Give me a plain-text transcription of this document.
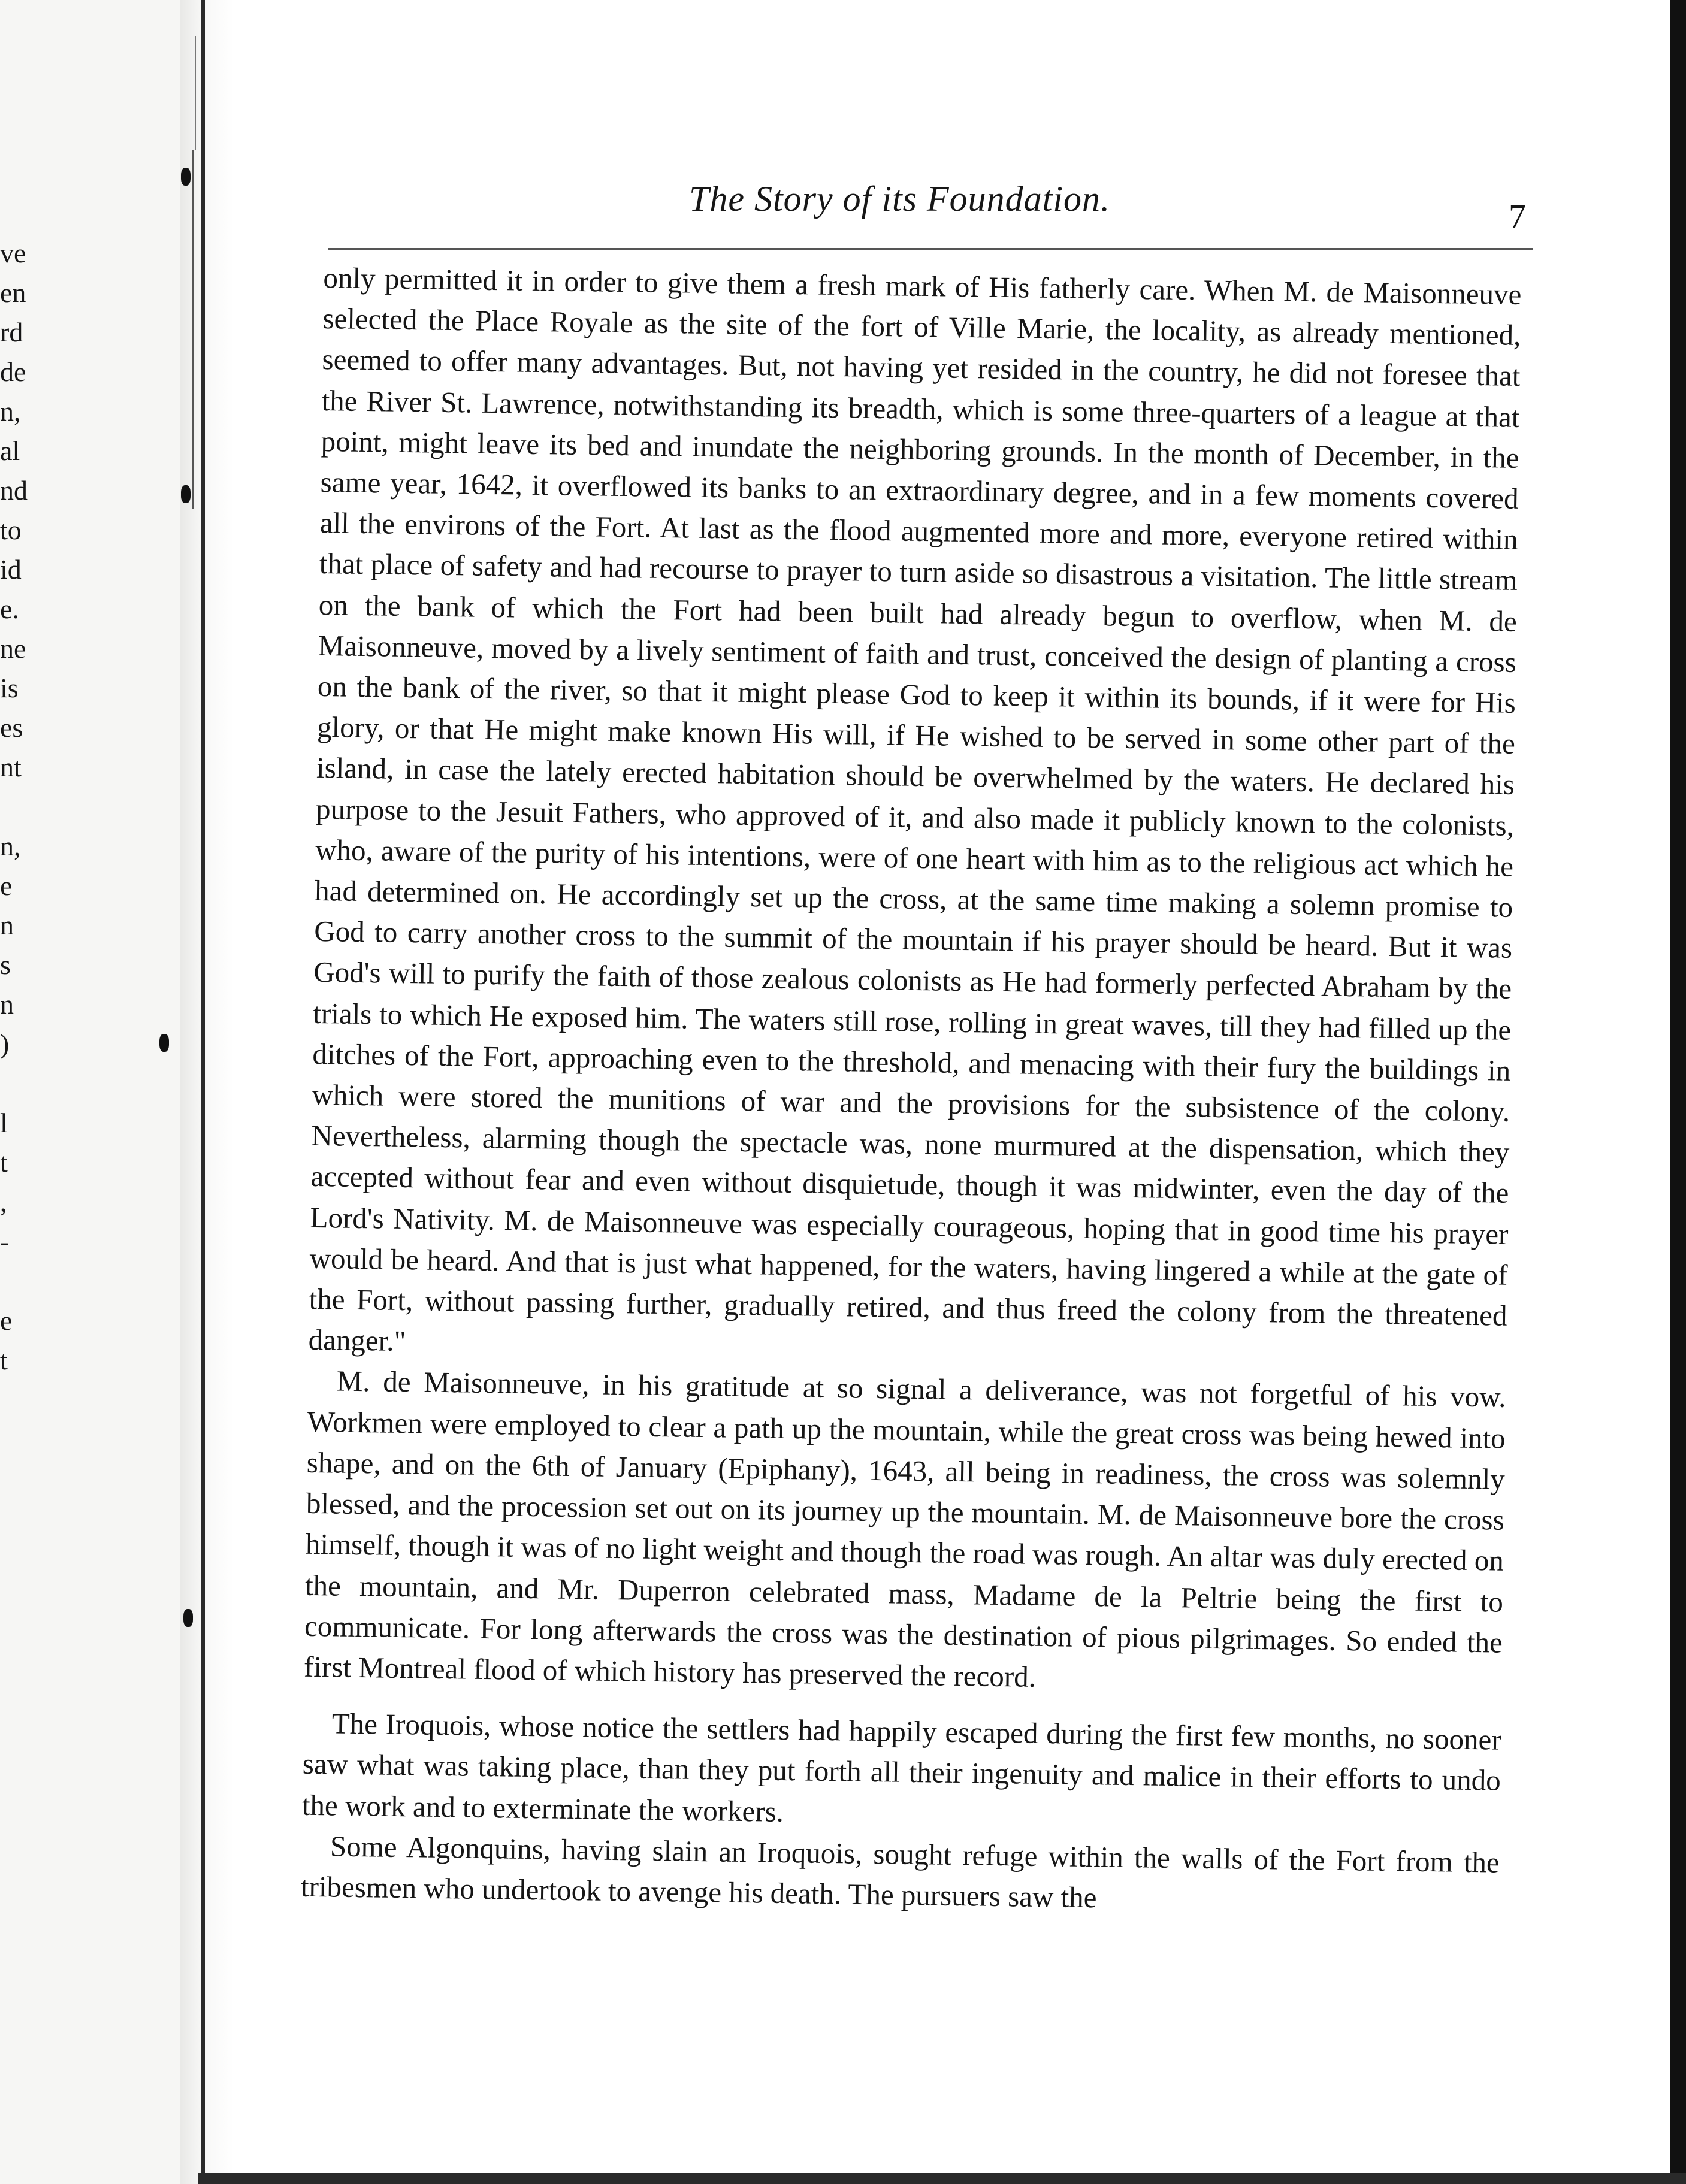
ve
en
rd
de
n,
al
nd
to
id
e.
ne
is
es
nt
n,
e
n
s
n
)
l
t
,
-
e
t
The Story of its Foundation.	7

only permitted it in order to give them a fresh mark of His fatherly care. When M. de Maisonneuve selected the Place Royale as the site of the fort of Ville Marie, the locality, as already mentioned, seemed to offer many advantages. But, not having yet resided in the country, he did not foresee that the River St. Lawrence, notwithstanding its breadth, which is some three-quarters of a league at that point, might leave its bed and inundate the neighboring grounds. In the month of December, in the same year, 1642, it overflowed its banks to an extraordinary degree, and in a few moments covered all the environs of the Fort. At last as the flood augmented more and more, everyone retired within that place of safety and had recourse to prayer to turn aside so disastrous a visitation. The little stream on the bank of which the Fort had been built had already begun to overflow, when M. de Maisonneuve, moved by a lively sentiment of faith and trust, conceived the design of planting a cross on the bank of the river, so that it might please God to keep it within its bounds, if it were for His glory, or that He might make known His will, if He wished to be served in some other part of the island, in case the lately erected habitation should be overwhelmed by the waters. He declared his purpose to the Jesuit Fathers, who approved of it, and also made it publicly known to the colonists, who, aware of the purity of his intentions, were of one heart with him as to the religious act which he had determined on. He accordingly set up the cross, at the same time making a solemn promise to God to carry another cross to the summit of the mountain if his prayer should be heard. But it was God's will to purify the faith of those zealous colonists as He had formerly perfected Abraham by the trials to which He exposed him. The waters still rose, rolling in great waves, till they had filled up the ditches of the Fort, approaching even to the threshold, and menacing with their fury the buildings in which were stored the munitions of war and the provisions for the subsistence of the colony. Nevertheless, alarming though the spectacle was, none murmured at the dispensation, which they accepted without fear and even without disquietude, though it was midwinter, even the day of the Lord's Nativity. M. de Maisonneuve was especially courageous, hoping that in good time his prayer would be heard. And that is just what happened, for the waters, having lingered a while at the gate of the Fort, without passing further, gradually retired, and thus freed the colony from the threatened danger."

M. de Maisonneuve, in his gratitude at so signal a deliverance, was not forgetful of his vow. Workmen were employed to clear a path up the mountain, while the great cross was being hewed into shape, and on the 6th of January (Epiphany), 1643, all being in readiness, the cross was solemnly blessed, and the procession set out on its journey up the mountain. M. de Maisonneuve bore the cross himself, though it was of no light weight and though the road was rough. An altar was duly erected on the mountain, and Mr. Duperron celebrated mass, Madame de la Peltrie being the first to communicate. For long afterwards the cross was the destination of pious pilgrimages. So ended the first Montreal flood of which history has preserved the record.

The Iroquois, whose notice the settlers had happily escaped during the first few months, no sooner saw what was taking place, than they put forth all their ingenuity and malice in their efforts to undo the work and to exterminate the workers.

Some Algonquins, having slain an Iroquois, sought refuge within the walls of the Fort from the tribesmen who undertook to avenge his death. The pursuers saw the
